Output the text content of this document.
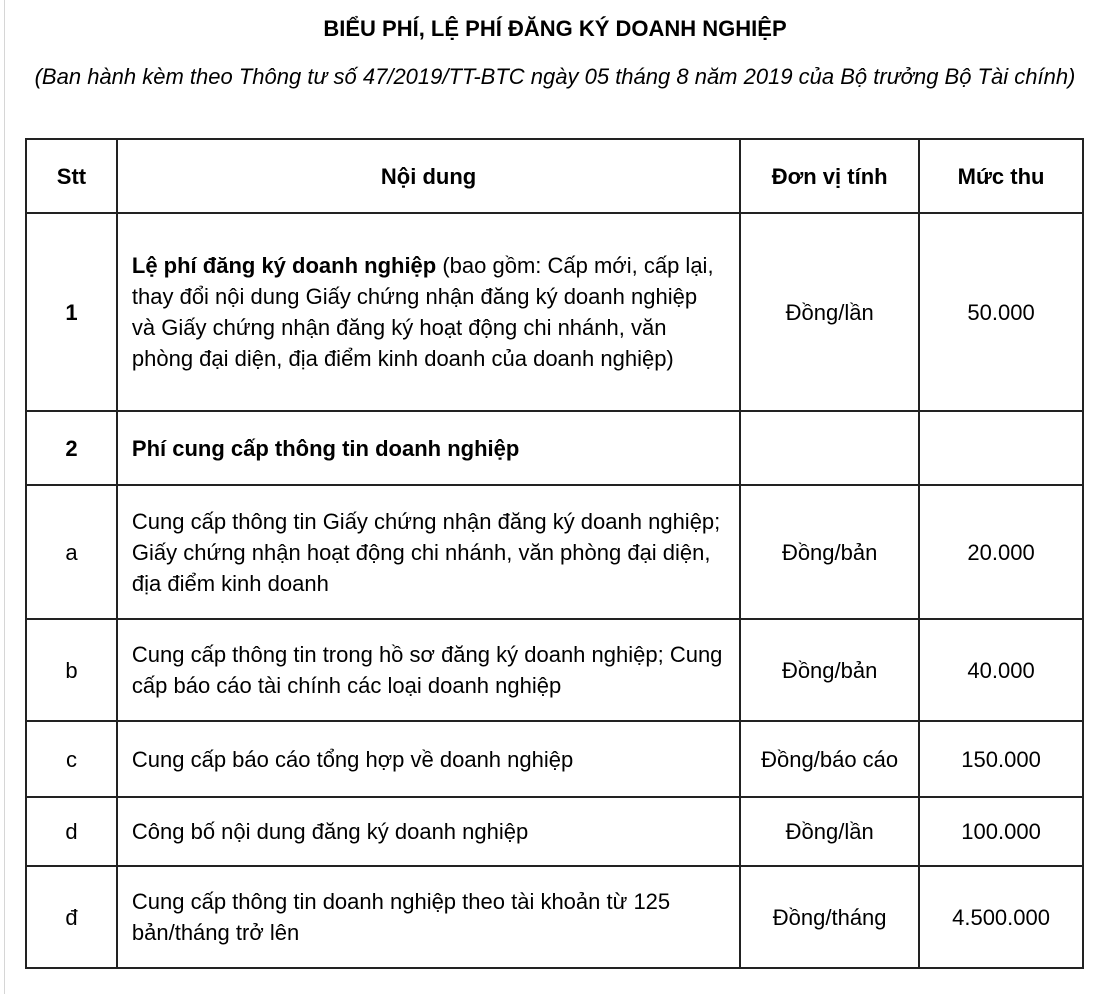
BIỂU PHÍ, LỆ PHÍ ĐĂNG KÝ DOANH NGHIỆP
(Ban hành kèm theo Thông tư số 47/2019/TT-BTC ngày 05 tháng 8 năm 2019 của Bộ trưởng Bộ Tài chính)
Stt	Nội dung	Đơn vị tính	Mức thu
1	Lệ phí đăng ký doanh nghiệp (bao gồm: Cấp mới, cấp lại, thay đổi nội dung Giấy chứng nhận đăng ký doanh nghiệp và Giấy chứng nhận đăng ký hoạt động chi nhánh, văn phòng đại diện, địa điểm kinh doanh của doanh nghiệp)	Đồng/lần	50.000
2	Phí cung cấp thông tin doanh nghiệp		
a	Cung cấp thông tin Giấy chứng nhận đăng ký doanh nghiệp; Giấy chứng nhận hoạt động chi nhánh, văn phòng đại diện, địa điểm kinh doanh	Đồng/bản	20.000
b	Cung cấp thông tin trong hồ sơ đăng ký doanh nghiệp; Cung cấp báo cáo tài chính các loại doanh nghiệp	Đồng/bản	40.000
c	Cung cấp báo cáo tổng hợp về doanh nghiệp	Đồng/báo cáo	150.000
d	Công bố nội dung đăng ký doanh nghiệp	Đồng/lần	100.000
đ	Cung cấp thông tin doanh nghiệp theo tài khoản từ 125 bản/tháng trở lên	Đồng/tháng	4.500.000
